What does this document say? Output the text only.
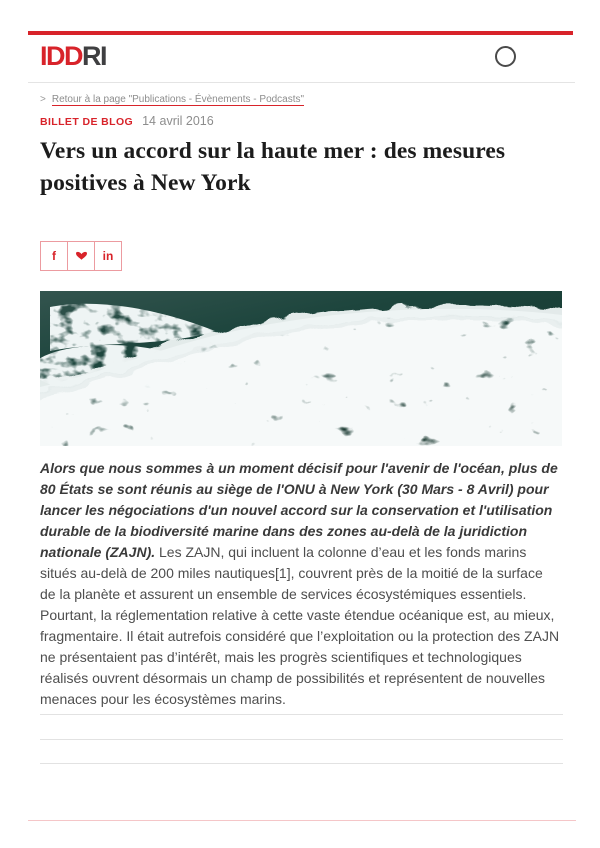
IDDRI
> Retour à la page "Publications - Évènements - Podcasts"
BILLET DE BLOG 14 avril 2016
Vers un accord sur la haute mer : des mesures positives à New York
f	in

Alors que nous sommes à un moment décisif pour l'avenir de l'océan, plus de 80 États se sont réunis au siège de l'ONU à New York (30 Mars - 8 Avril) pour lancer les négociations d'un nouvel accord sur la conservation et l'utilisation durable de la biodiversité marine dans des zones au-delà de la juridiction nationale (ZAJN). Les ZAJN, qui incluent la colonne d’eau et les fonds marins situés au-delà de 200 miles nautiques[1], couvrent près de la moitié de la surface de la planète et assurent un ensemble de services écosystémiques essentiels. Pourtant, la réglementation relative à cette vaste étendue océanique est, au mieux, fragmentaire. Il était autrefois considéré que l’exploitation ou la protection des ZAJN ne présentaient pas d’intérêt, mais les progrès scientifiques et technologiques réalisés ouvrent désormais un champ de possibilités et représentent de nouvelles menaces pour les écosystèmes marins.
